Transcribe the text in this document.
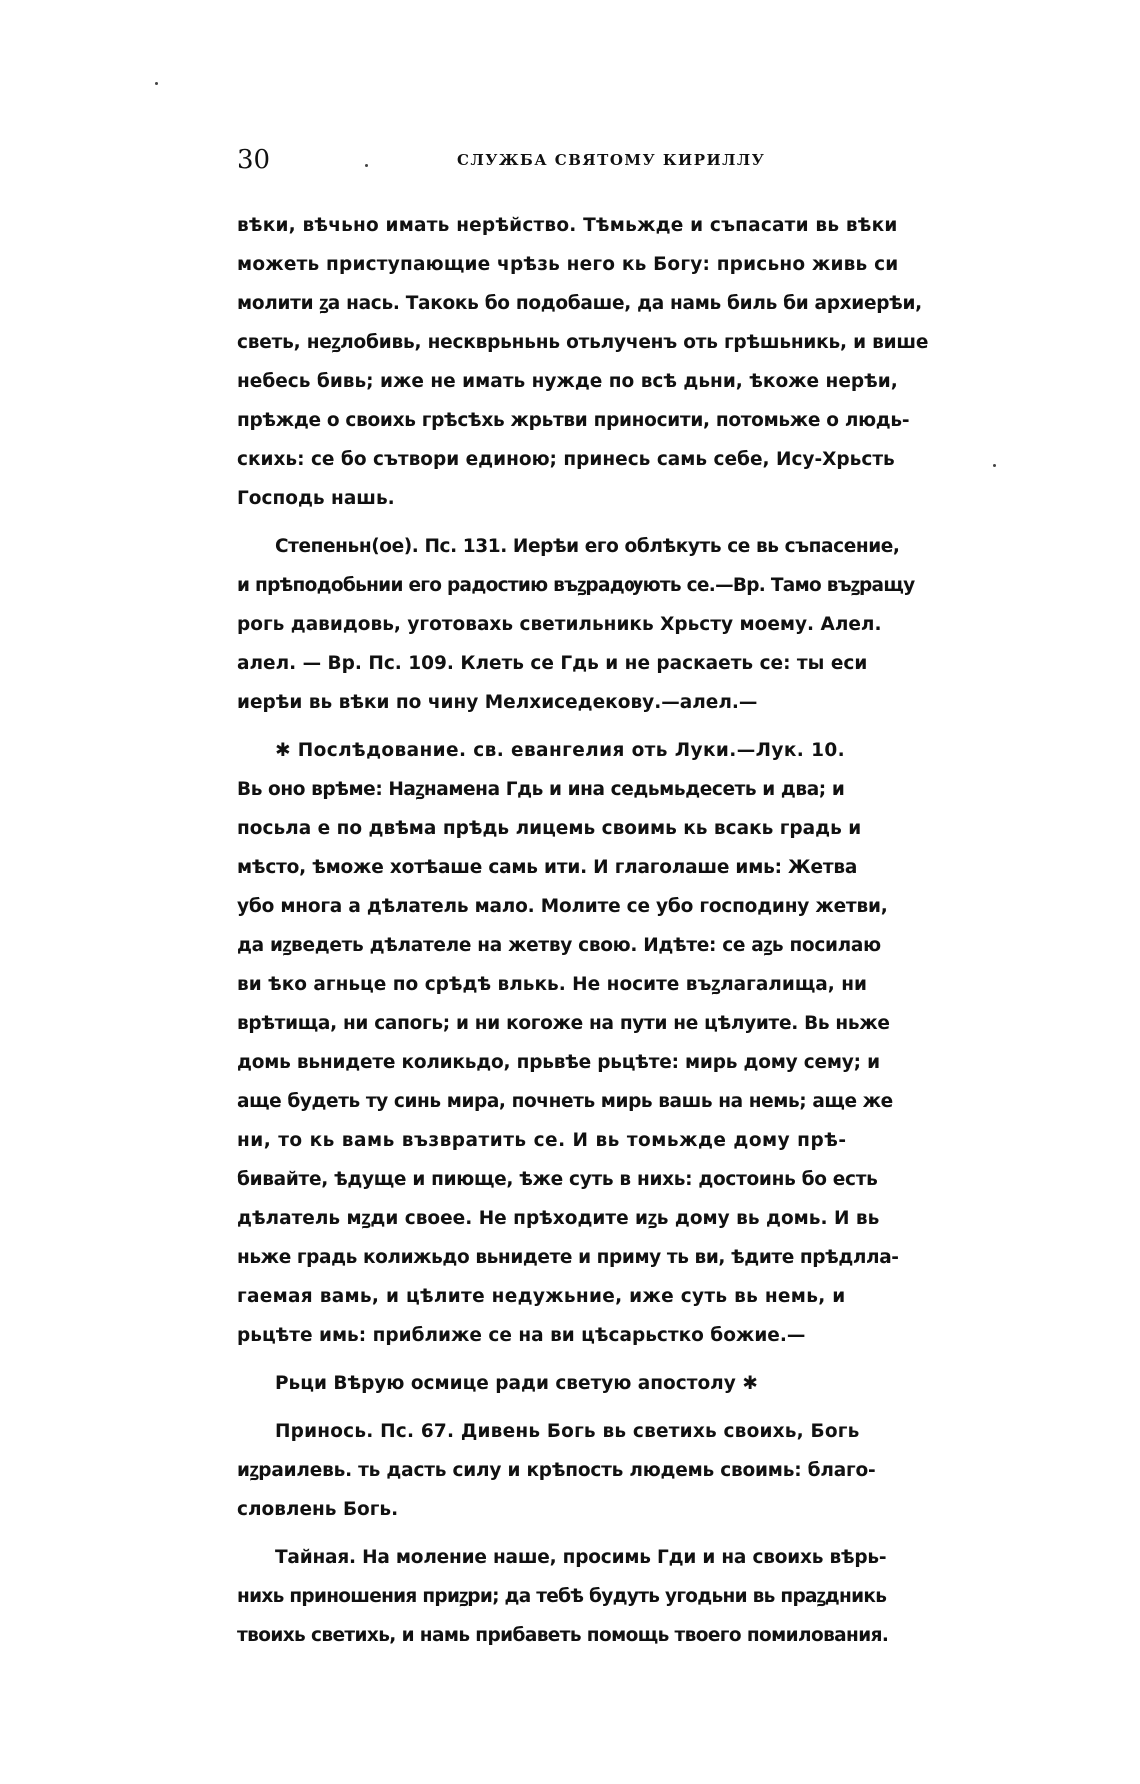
30	СЛУЖБА СВЯТОМУ КИРИЛЛУ
вѣки, вѣчьно имать нерѣйство. Тѣмьжде и съпасати вь вѣки
можеть приступающие чрѣзь него кь Богу: присьно живь си
молити ꙁа нась. Такокь бо подобаше, да намь биль би архиерѣи,
светь, неꙁлобивь, нескврьньнь отьлученъ оть грѣшьникь, и више
небесь бивь; иже не имать нужде по всѣ дьни, ѣкоже нерѣи,
прѣжде о своихь грѣсѣхь жрьтви приносити, потомьже о людь-
скихь: се бо сътвори единою; принесь самь себе, Ису-Хрьсть
Господь нашь.
Степеньн(ое). Пс. 131. Иерѣи его облѣкуть се вь съпасение,
и прѣподобьнии его радостию въꙁрадѹють се.—Вр. Тамо въꙁращу
рогь давидовь, уготовахь светильникь Хрьсту моему. Алел.
алел. — Вр. Пс. 109. Клеть се Гдь и не раскаеть се: ты еси
иерѣи вь вѣки по чину Мелхиседекову.—алел.—
✱ Послѣдование. св. евангелия оть Луки.—Лук. 10.
Вь оно врѣме: Наꙁнамена Гдь и ина седьмьдесеть и два; и
посьла е по двѣма прѣдь лицемь своимь кь всакь градь и
мѣсто, ѣможе хотѣаше самь ити. И глаголаше имь: Жетва
убо многа а дѣлатель мало. Молите се убо господину жетви,
да иꙁведеть дѣлателе на жетву свою. Идѣте: се аꙁь посилаю
ви ѣко агньце по срѣдѣ влькь. Не носите въꙁлагалища, ни
врѣтища, ни сапогь; и ни когоже на пути не цѣлуите. Вь ньже
домь вьнидете коликьдо, прьвѣе рьцѣте: мирь дому сему; и
аще будеть ту синь мира, почнеть мирь вашь на немь; аще же
ни, то кь вамь възвратить се. И вь томьжде дому прѣ-
бивайте, ѣдуще и пиюще, ѣже суть в нихь: достоинь бо есть
дѣлатель мꙁди своее. Не прѣходите иꙁь дому вь домь. И вь
ньже градь колижьдо вьнидете и приму ть ви, ѣдите прѣдлла-
гаемая вамь, и цѣлите недужьние, иже суть вь немь, и
рьцѣте имь: приближе се на ви цѣсарьстко божие.—
Рьци Вѣрую осмице ради светую апостолу ✱
Принось. Пс. 67. Дивень Богь вь светихь своихь, Богь
иꙁраилевь. ть дасть силу и крѣпость людемь своимь: благо-
словлень Богь.
Тайная. На моление наше, просимь Гди и на своихь вѣрь-
нихь приношения приꙁри; да тебѣ будуть угодьни вь праꙁдникь
твоихь светихь, и намь прибаветь помощь твоего помилования.
